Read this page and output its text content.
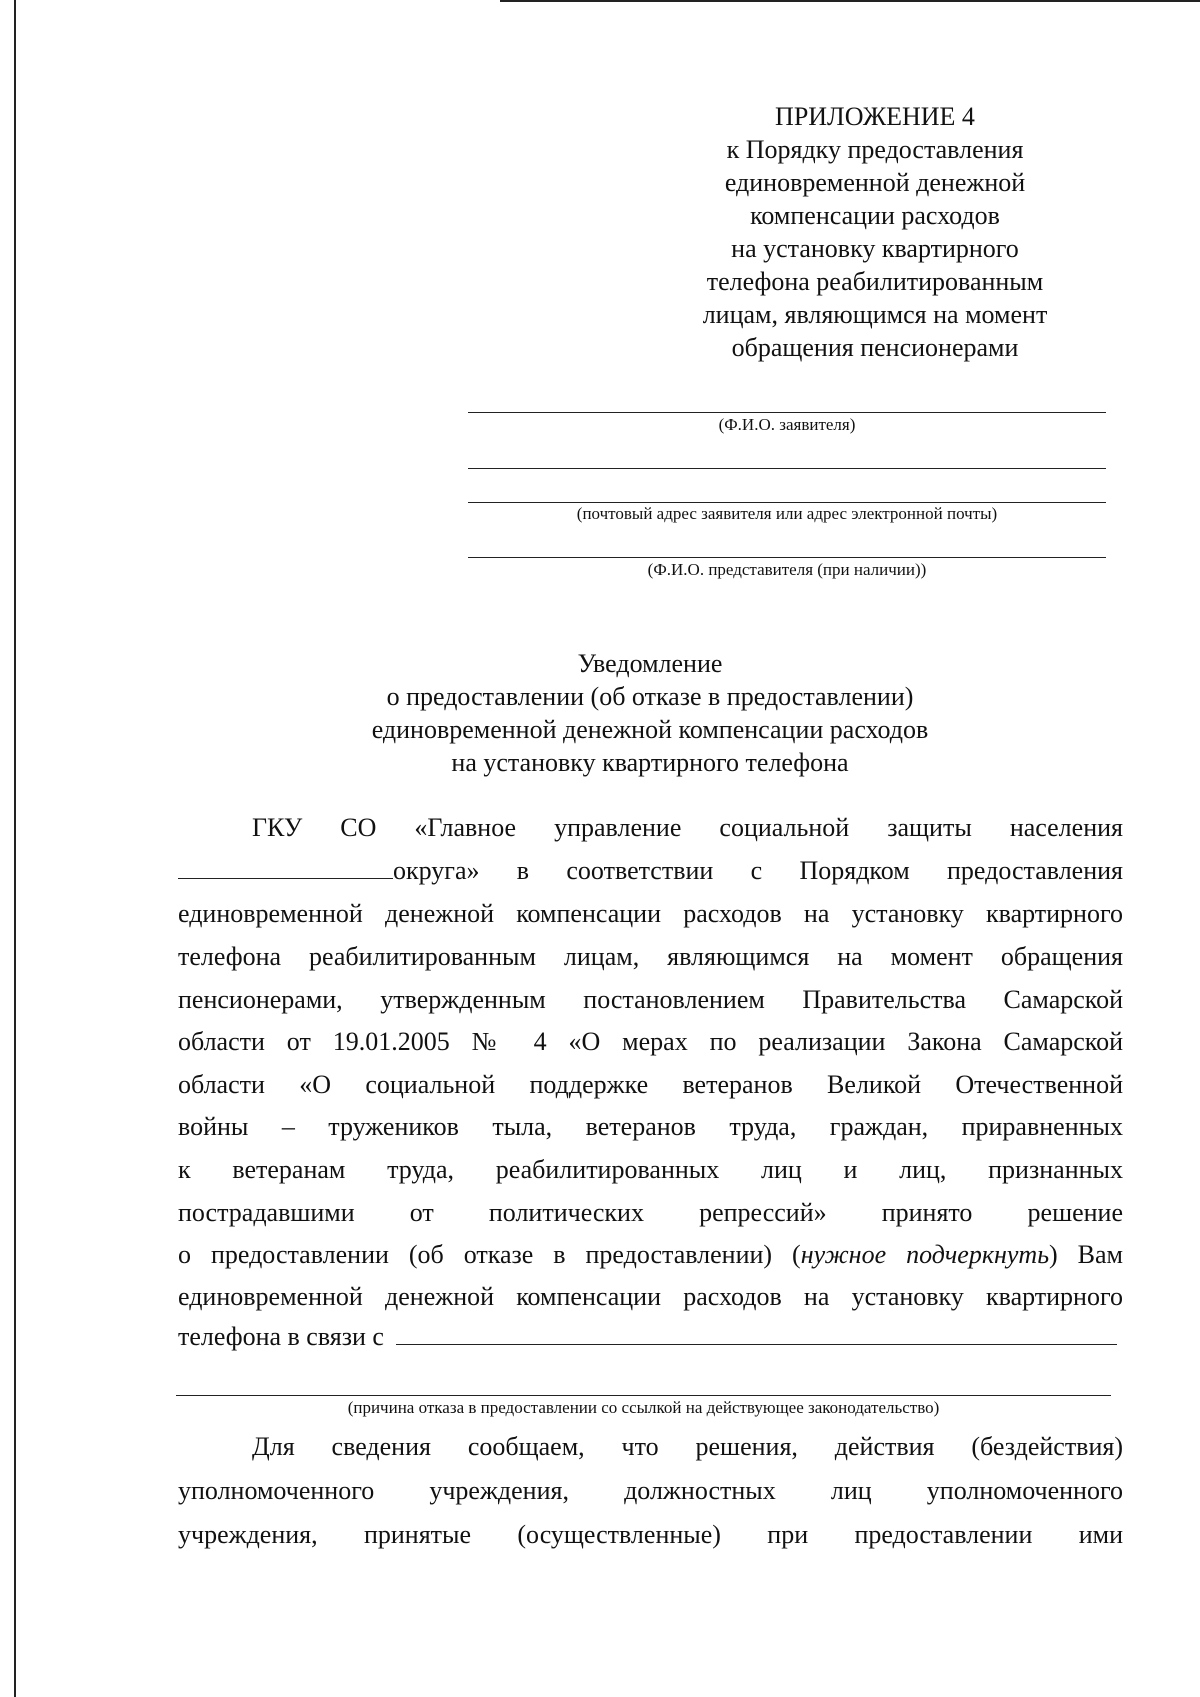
ПРИЛОЖЕНИЕ 4
к Порядку предоставления
единовременной денежной
компенсации расходов
на установку квартирного
телефона реабилитированным
лицам, являющимся на момент
обращения пенсионерами
(Ф.И.О. заявителя)
(почтовый адрес заявителя или адрес электронной почты)
(Ф.И.О. представителя (при наличии))
Уведомление
о предоставлении (об отказе в предоставлении)
единовременной денежной компенсации расходов
на установку квартирного телефона
ГКУ СО «Главное управление социальной защиты населения
округа» в соответствии с Порядком предоставления
единовременной денежной компенсации расходов на установку квартирного
телефона реабилитированным лицам, являющимся на момент обращения
пенсионерами, утвержденным постановлением Правительства Самарской
области от 19.01.2005 № 4 «О мерах по реализации Закона Самарской
области «О социальной поддержке ветеранов Великой Отечественной
войны – тружеников тыла, ветеранов труда, граждан, приравненных
к ветеранам труда, реабилитированных лиц и лиц, признанных
пострадавшими от политических репрессий» принято решение
о предоставлении (об отказе в предоставлении) (нужное подчеркнуть) Вам
единовременной денежной компенсации расходов на установку квартирного
телефона в связи с
(причина отказа в предоставлении со ссылкой на действующее законодательство)
Для сведения сообщаем, что решения, действия (бездействия)
уполномоченного учреждения, должностных лиц уполномоченного
учреждения, принятые (осуществленные) при предоставлении ими
